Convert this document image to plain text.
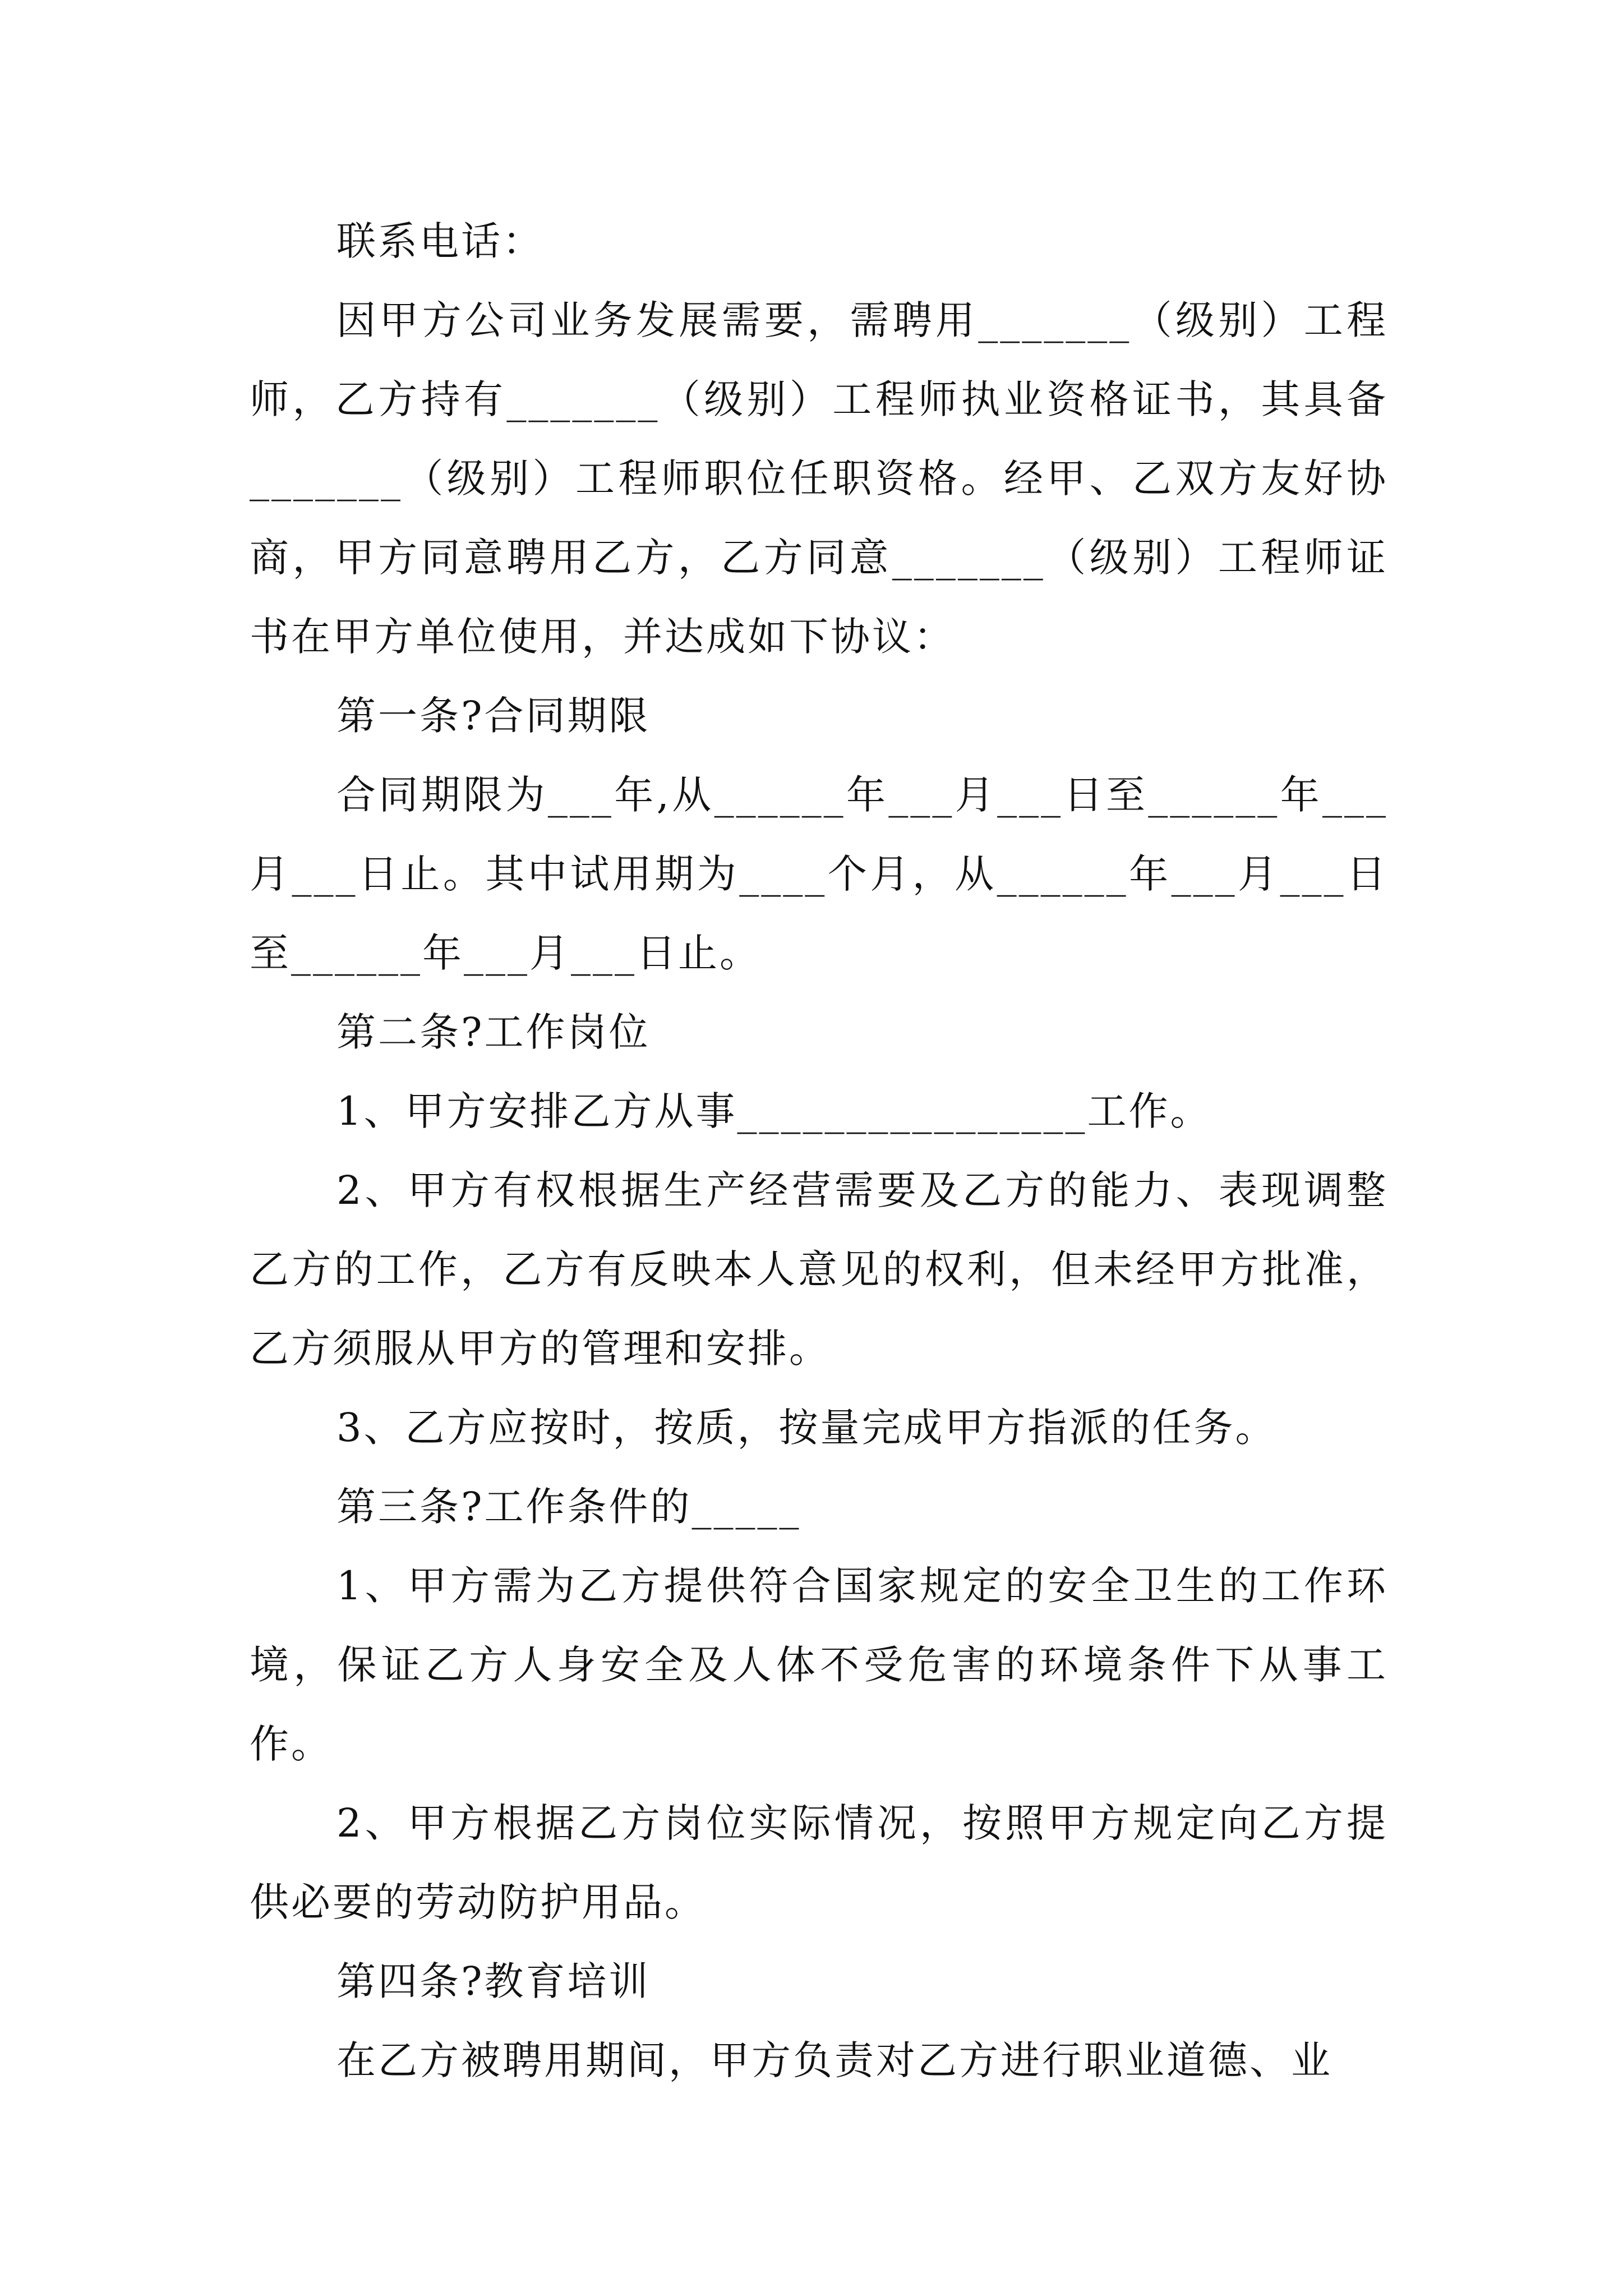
联系电话：

因甲方公司业务发展需要，需聘用_______（级别）工程师，乙方持有_______（级别）工程师执业资格证书，其具备_______（级别）工程师职位任职资格。经甲、乙双方友好协商，甲方同意聘用乙方，乙方同意_______（级别）工程师证书在甲方单位使用，并达成如下协议：

第一条?合同期限

合同期限为___年,从______年___月___日至______年___月___日止。其中试用期为____个月，从______年___月___日至______年___月___日止。

第二条?工作岗位

1、甲方安排乙方从事________________工作。

2、甲方有权根据生产经营需要及乙方的能力、表现调整乙方的工作，乙方有反映本人意见的权利，但未经甲方批准，乙方须服从甲方的管理和安排。

3、乙方应按时，按质，按量完成甲方指派的任务。

第三条?工作条件的_____

1、甲方需为乙方提供符合国家规定的安全卫生的工作环境，保证乙方人身安全及人体不受危害的环境条件下从事工作。

2、甲方根据乙方岗位实际情况，按照甲方规定向乙方提供必要的劳动防护用品。

第四条?教育培训

在乙方被聘用期间，甲方负责对乙方进行职业道德、业
